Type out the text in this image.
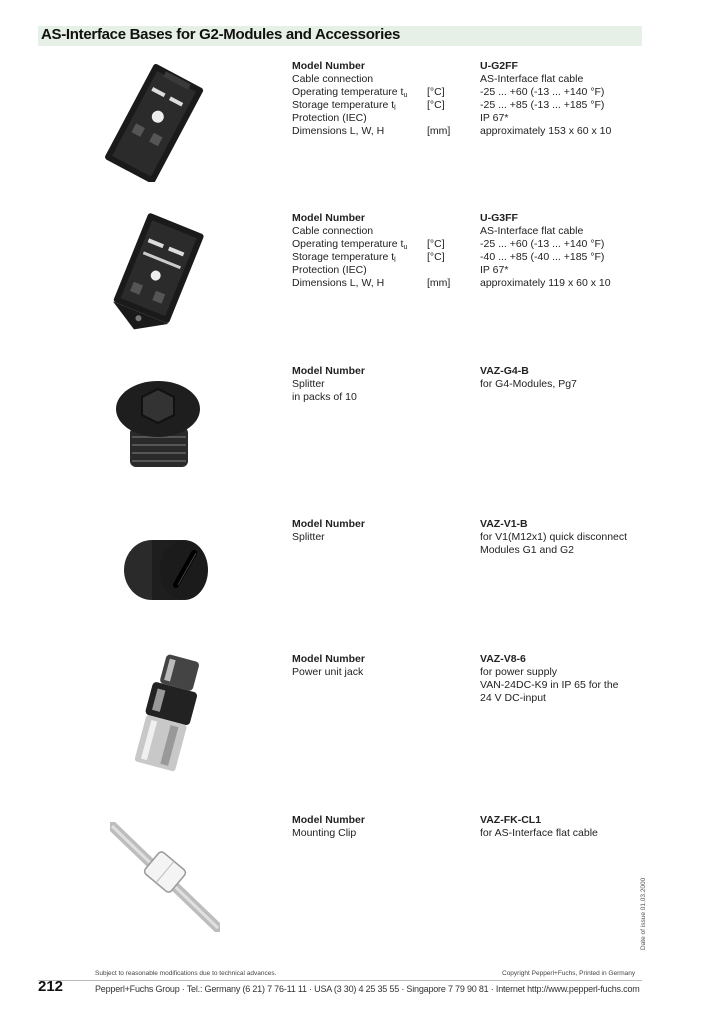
AS-Interface Bases for G2-Modules and Accessories
Model Number	U-G2FF
Cable connection	AS-Interface flat cable
Operating temperature $t_u$ [°C]	-25 ... +60 (-13 ... +140 °F)
Storage temperature $t_l$	[°C]	-25 ... +85 (-13 ... +185 °F)
Protection (IEC)	IP 67*
Dimensions L, W, H	[mm]	approximately 153 x 60 x 10
Model Number	U-G3FF
Cable connection	AS-Interface flat cable
Operating temperature $t_u$ [°C]	-25 ... +60 (-13 ... +140 °F)
Storage temperature $t_l$	[°C]	-40 ... +85 (-40 ... +185 °F)
Protection (IEC)	IP 67*
Dimensions L, W, H	[mm]	approximately 119 x 60 x 10
Model Number	VAZ-G4-B
Splitter	for G4-Modules, Pg7
in packs of 10
Model Number	VAZ-V1-B
Splitter	for V1(M12x1) quick disconnect
Modules G1 and G2
Model Number	VAZ-V8-6
Power unit jack	for power supply
VAN-24DC-K9 in IP 65 for the
24 V DC-input
Model Number	VAZ-FK-CL1
Mounting Clip	for AS-Interface flat cable
Date of issue 01.03.2000
212
Subject to reasonable modifications due to technical advances.	Copyright Pepperl+Fuchs, Printed in Germany
Pepperl+Fuchs Group · Tel.: Germany (6 21) 7 76-11 11 · USA (3 30) 4 25 35 55 · Singapore 7 79 90 81 · Internet http://www.pepperl-fuchs.com
